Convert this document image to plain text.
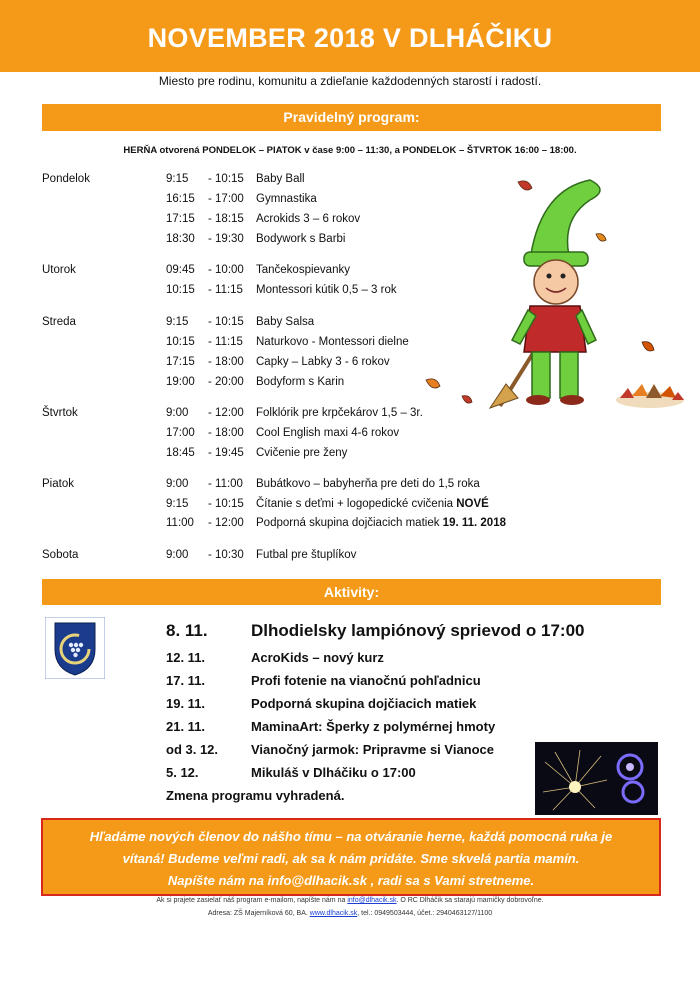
NOVEMBER 2018 V DLHÁČIKU
Miesto pre rodinu, komunitu a zdieľanie každodenných starostí i radostí.
Pravidelný program:
HERŇA otvorená PONDELOK – PIATOK v čase 9:00 – 11:30, a PONDELOK – ŠTVRTOK 16:00 – 18:00.
Pondelok	9:15 - 10:15 Baby Ball
16:15 - 17:00 Gymnastika
17:15 - 18:15 Acrokids 3 – 6 rokov
18:30 - 19:30 Bodywork s Barbi
Utorok	09:45 - 10:00 Tančekospievanky
10:15 - 11:15 Montessori kútik 0,5 – 3 rok
Streda	9:15 - 10:15 Baby Salsa
10:15 - 11:15 Naturkovo - Montessori dielne
17:15 - 18:00 Capky – Labky 3 - 6 rokov
19:00 - 20:00 Bodyform s Karin
Štvrtok	9:00 - 12:00 Folklórik pre krpčekárov 1,5 – 3r.
17:00 - 18:00 Cool English maxi 4-6 rokov
18:45 - 19:45 Cvičenie pre ženy
Piatok	9:00 - 11:00 Bubátkovo – babyherňa pre deti do 1,5 roka
9:15 - 10:15 Čítanie s deťmi + logopedické cvičenia NOVÉ
11:00 - 12:00 Podporná skupina dojčiacich matiek 19. 11. 2018
Sobota	9:00 - 10:30 Futbal pre štuplíkov
Aktivity:
8. 11.	Dlhodielsky lampiónový sprievod o 17:00
12. 11.	AcroKids – nový kurz
17. 11.	Profi fotenie na vianočnú pohľadnicu
19. 11.	Podporná skupina dojčiacich matiek
21. 11.	MaminaArt: Šperky z polymérnej hmoty
od 3. 12.	Vianočný jarmok: Pripravme si Vianoce
5. 12.	Mikuláš v Dlháčiku o 17:00
Zmena programu vyhradená.
Hľadáme nových členov do nášho tímu – na otváranie herne, každá pomocná ruka je
vítaná! Budeme veľmi radi, ak sa k nám pridáte. Sme skvelá partia mamín.
Napíšte nám na info@dlhacik.sk , radi sa s Vami stretneme.
Ak si prajete zasielať náš program e-mailom, napíšte nám na info@dlhacik.sk. O RC Dlháčik sa starajú mamičky dobrovoľne.
Adresa: ZŠ Majerníková 60, BA. www.dlhacik.sk, tel.: 0949503444, účet.: 2940463127/1100
